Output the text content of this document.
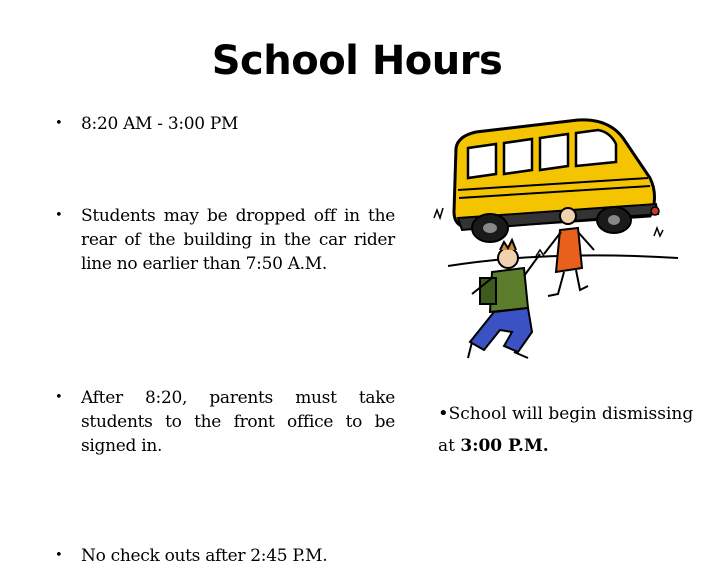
School Hours
• 8:20 AM - 3:00 PM
• Students may be dropped off in the rear of the building in the car rider line no earlier than 7:50 A.M.
• After 8:20, parents must take students to the front office to be signed in.
• No check outs after 2:45 P.M.
•School will begin dismissing
at 3:00 P.M.
